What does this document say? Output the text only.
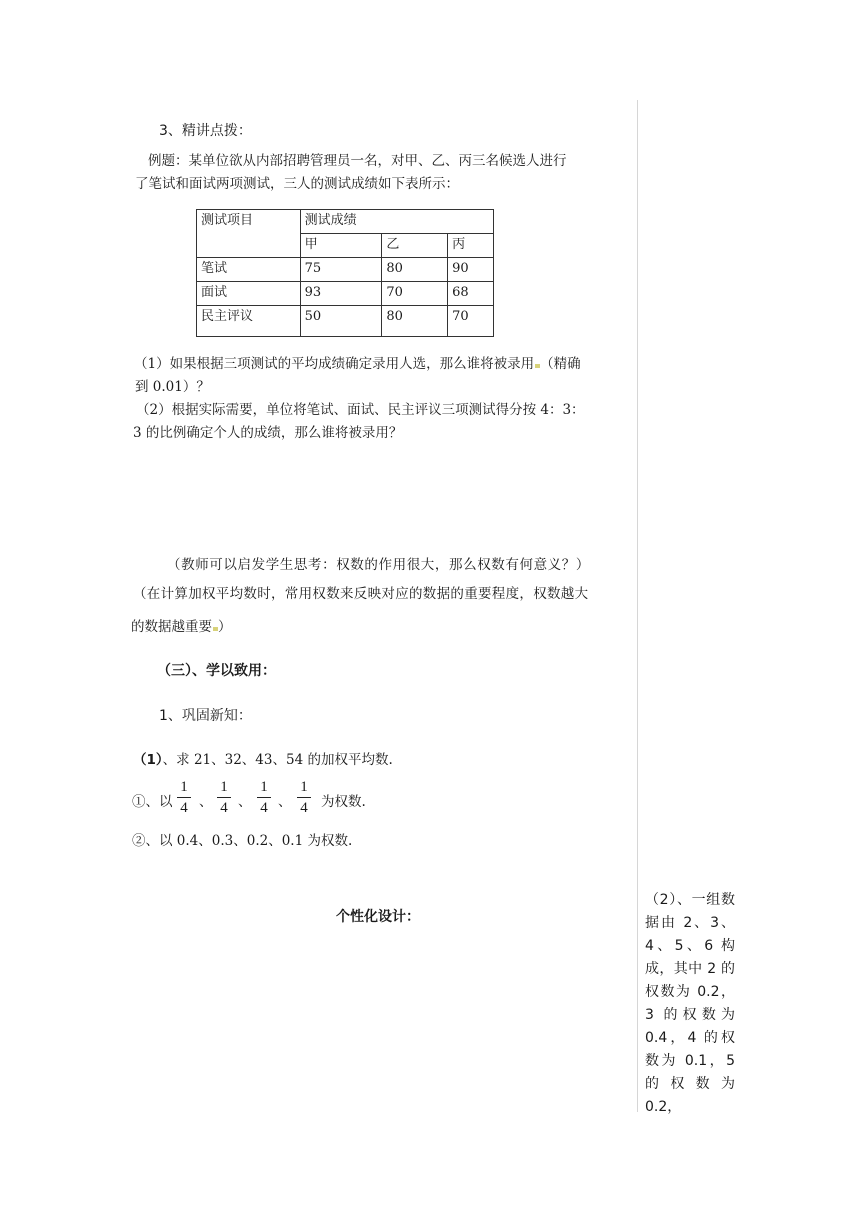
3、精讲点拨：
例题：某单位欲从内部招聘管理员一名，对甲、乙、丙三名候选人进行
了笔试和面试两项测试，三人的测试成绩如下表所示：
测试项目	测试成绩		
	甲	乙	丙
笔试	75	80	90
面试	93	70	68
民主评议	50	80	70
（1）如果根据三项测试的平均成绩确定录用人选，那么谁将被录用 （精确
到 0.01）？
（2）根据实际需要，单位将笔试、面试、民主评议三项测试得分按 4：3：
3 的比例确定个人的成绩，那么谁将被录用？
（教师可以启发学生思考：权数的作用很大，那么权数有何意义？）
（在计算加权平均数时，常用权数来反映对应的数据的重要程度，权数越大
的数据越重要 ）
（三）、学以致用：
1、巩固新知：
（1）、求 21、32、43、54 的加权平均数.
①、以
1
4 、
1
4 、
1
4 、
1
4 为权数.
②、以 0.4、0.3、0.2、0.1 为权数.
个性化设计：
（2）、一组数据由 2、3、4、5、6 构成，其中 2 的权数为 0.2，3 的权数为 0.4，4 的权数为 0.1，5 的权数为 0.2，
